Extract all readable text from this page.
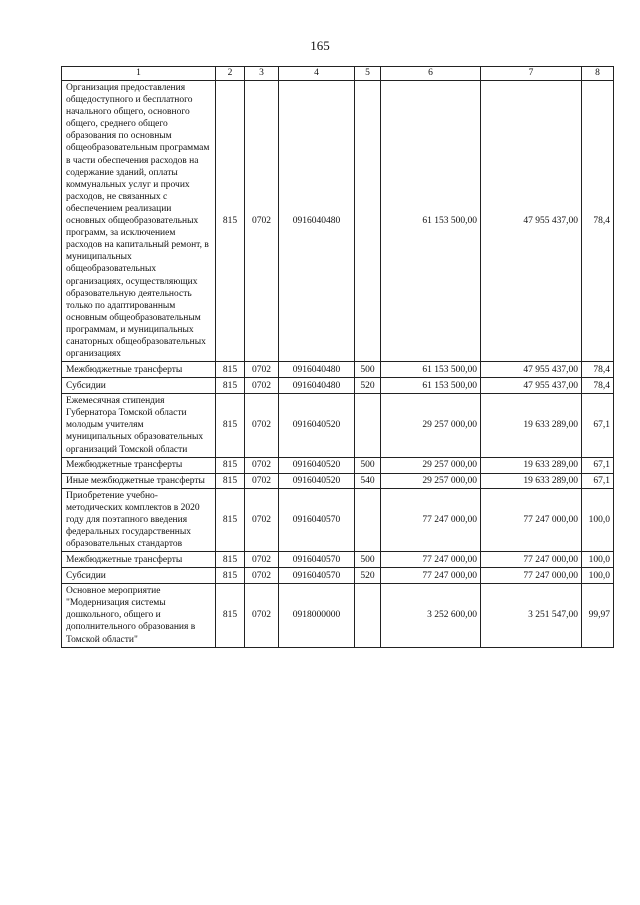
165
1	2	3	4	5	6	7	8
Организация предоставления общедоступного и бесплатного начального общего, основного общего, среднего общего образования по основным общеобразовательным программам в части обеспечения расходов на содержание зданий, оплаты коммунальных услуг и прочих расходов, не связанных с обеспечением реализации основных общеобразовательных программ, за исключением расходов на капитальный ремонт, в муниципальных общеобразовательных организациях, осуществляющих образовательную деятельность только по адаптированным основным общеобразовательным программам, и муниципальных санаторных общеобразовательных организациях	815	0702	0916040480		61 153 500,00	47 955 437,00	78,4
Межбюджетные трансферты	815	0702	0916040480	500	61 153 500,00	47 955 437,00	78,4
Субсидии	815	0702	0916040480	520	61 153 500,00	47 955 437,00	78,4
Ежемесячная стипендия Губернатора Томской области молодым учителям муниципальных образовательных организаций Томской области	815	0702	0916040520		29 257 000,00	19 633 289,00	67,1
Межбюджетные трансферты	815	0702	0916040520	500	29 257 000,00	19 633 289,00	67,1
Иные межбюджетные трансферты	815	0702	0916040520	540	29 257 000,00	19 633 289,00	67,1
Приобретение учебно-методических комплектов в 2020 году для поэтапного введения федеральных государственных образовательных стандартов	815	0702	0916040570		77 247 000,00	77 247 000,00	100,0
Межбюджетные трансферты	815	0702	0916040570	500	77 247 000,00	77 247 000,00	100,0
Субсидии	815	0702	0916040570	520	77 247 000,00	77 247 000,00	100,0
Основное мероприятие "Модернизация системы дошкольного, общего и дополнительного образования в Томской области"	815	0702	0918000000		3 252 600,00	3 251 547,00	99,97
